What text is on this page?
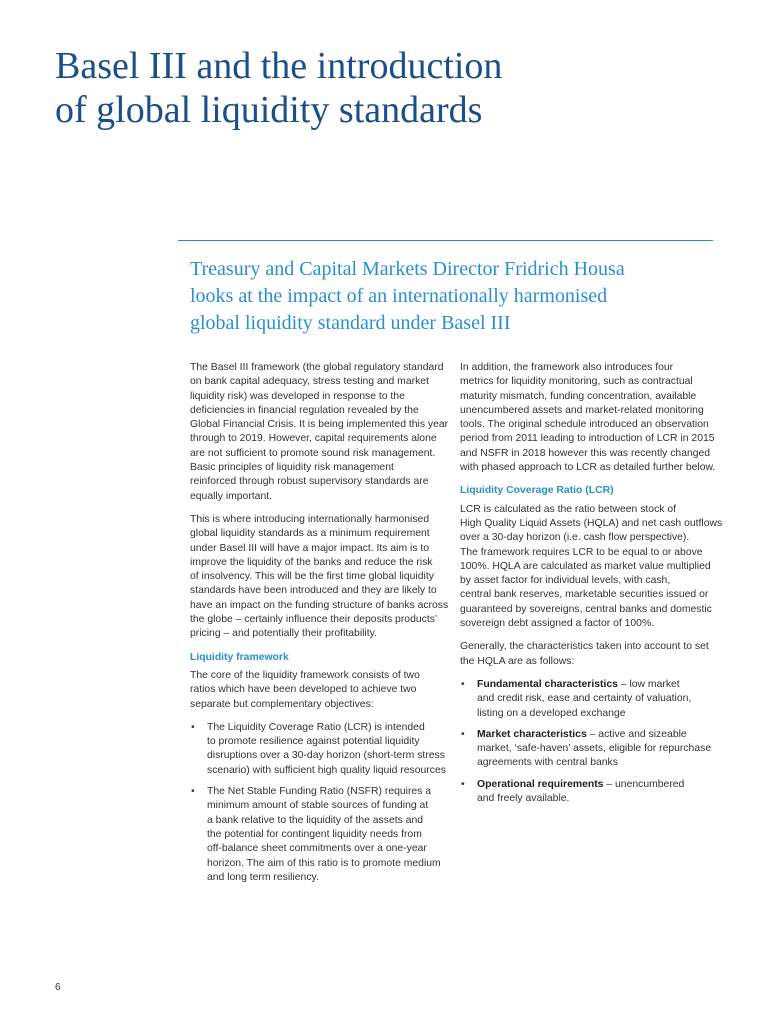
Basel III and the introduction
of global liquidity standards
Treasury and Capital Markets Director Fridrich Housa
looks at the impact of an internationally harmonised
global liquidity standard under Basel III
The Basel III framework (the global regulatory standard
on bank capital adequacy, stress testing and market
liquidity risk) was developed in response to the
deficiencies in financial regulation revealed by the
Global Financial Crisis. It is being implemented this year
through to 2019. However, capital requirements alone
are not sufficient to promote sound risk management.
Basic principles of liquidity risk management
reinforced through robust supervisory standards are
equally important.
This is where introducing internationally harmonised
global liquidity standards as a minimum requirement
under Basel III will have a major impact. Its aim is to
improve the liquidity of the banks and reduce the risk
of insolvency. This will be the first time global liquidity
standards have been introduced and they are likely to
have an impact on the funding structure of banks across
the globe – certainly influence their deposits products’
pricing – and potentially their profitability.
Liquidity framework
The core of the liquidity framework consists of two
ratios which have been developed to achieve two
separate but complementary objectives:
• The Liquidity Coverage Ratio (LCR) is intended
to promote resilience against potential liquidity
disruptions over a 30-day horizon (short-term stress
scenario) with sufficient high quality liquid resources
• The Net Stable Funding Ratio (NSFR) requires a
minimum amount of stable sources of funding at
a bank relative to the liquidity of the assets and
the potential for contingent liquidity needs from
off-balance sheet commitments over a one-year
horizon. The aim of this ratio is to promote medium
and long term resiliency.
In addition, the framework also introduces four
metrics for liquidity monitoring, such as contractual
maturity mismatch, funding concentration, available
unencumbered assets and market-related monitoring
tools. The original schedule introduced an observation
period from 2011 leading to introduction of LCR in 2015
and NSFR in 2018 however this was recently changed
with phased approach to LCR as detailed further below.
Liquidity Coverage Ratio (LCR)
LCR is calculated as the ratio between stock of
High Quality Liquid Assets (HQLA) and net cash outflows
over a 30-day horizon (i.e. cash flow perspective).
The framework requires LCR to be equal to or above
100%. HQLA are calculated as market value multiplied
by asset factor for individual levels, with cash,
central bank reserves, marketable securities issued or
guaranteed by sovereigns, central banks and domestic
sovereign debt assigned a factor of 100%.
Generally, the characteristics taken into account to set
the HQLA are as follows:
• Fundamental characteristics – low market
and credit risk, ease and certainty of valuation,
listing on a developed exchange
• Market characteristics – active and sizeable
market, ‘safe-haven’ assets, eligible for repurchase
agreements with central banks
• Operational requirements – unencumbered
and freely available.
6
